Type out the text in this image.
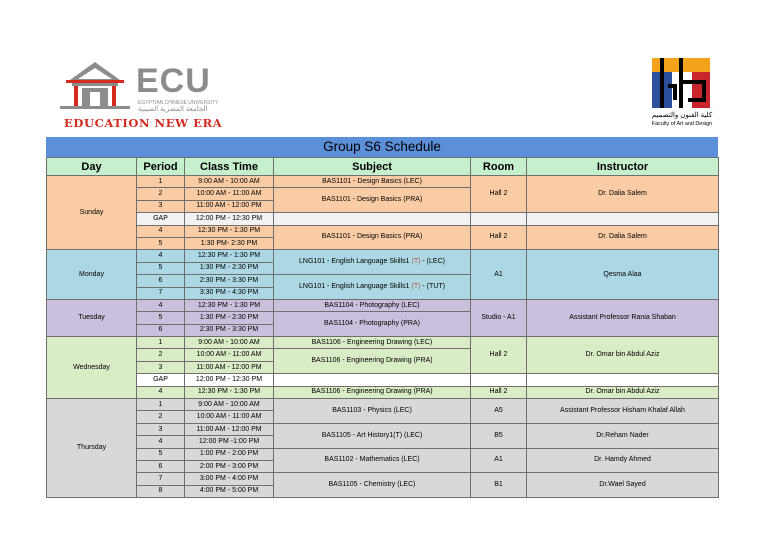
ECU
EGYPTIAN CHINESE UNIVERSITY
الجامعة المصرية الصينية
EDUCATION NEW ERA
كلية الفنون والتصميم
Faculty of Art and Design
Group S6 Schedule
Day	Period	Class Time	Subject	Room	Instructor
Sunday	1	9:00 AM - 10:00 AM	BAS1101 - Design Basics (LEC)	Hall 2	Dr. Dalia Salem
	2	10:00 AM - 11:00 AM	BAS1101 - Design Basics (PRA)		
	3	11:00 AM - 12:00 PM			
	GAP	12:00 PM - 12:30 PM			
	4	12:30 PM - 1:30 PM	BAS1101 - Design Basics (PRA)	Hall 2	Dr. Dalia Salem
	5	1:30 PM- 2:30 PM			
Monday	4	12:30 PM - 1:30 PM	LNG101 - English Language Skills1 (T) - (LEC)	A1	Qesma Alaa
	5	1:30 PM - 2:30 PM			
	6	2:30 PM - 3:30 PM	LNG101 - English Language Skills1 (T) - (TUT)		
	7	3:30 PM - 4:30 PM			
Tuesday	4	12:30 PM - 1:30 PM	BAS1104 - Photography (LEC)	Studio - A1	Assistant Professor Rania Shaban
	5	1:30 PM - 2:30 PM	BAS1104 - Photography (PRA)		
	6	2:30 PM - 3:30 PM			
Wednesday	1	9:00 AM - 10:00 AM	BAS1106 - Engineering Drawing (LEC)	Hall 2	Dr. Omar bin Abdul Aziz
	2	10:00 AM - 11:00 AM	BAS1106 - Engineering Drawing (PRA)		
	3	11:00 AM - 12:00 PM			
	GAP	12:00 PM - 12:30 PM			
	4	12:30 PM - 1:30 PM	BAS1106 - Engineering Drawing (PRA)	Hall 2	Dr. Omar bin Abdul Aziz
Thursday	1	9:00 AM - 10:00 AM	BAS1103 - Physics (LEC)	A5	Assistant Professor Hisham Khalaf Allah
	2	10:00 AM - 11:00 AM			
	3	11:00 AM - 12:00 PM	BAS1105 - Art History1(T) (LEC)	B5	Dr.Reham Nader
	4	12:00 PM -1:00 PM			
	5	1:00 PM - 2:00 PM	BAS1102 - Mathematics (LEC)	A1	Dr. Hamdy Ahmed
	6	2:00 PM - 3:00 PM			
	7	3:00 PM - 4:00 PM	BAS1105 - Chemistry (LEC)	B1	Dr.Wael Sayed
	8	4:00 PM - 5:00 PM			
